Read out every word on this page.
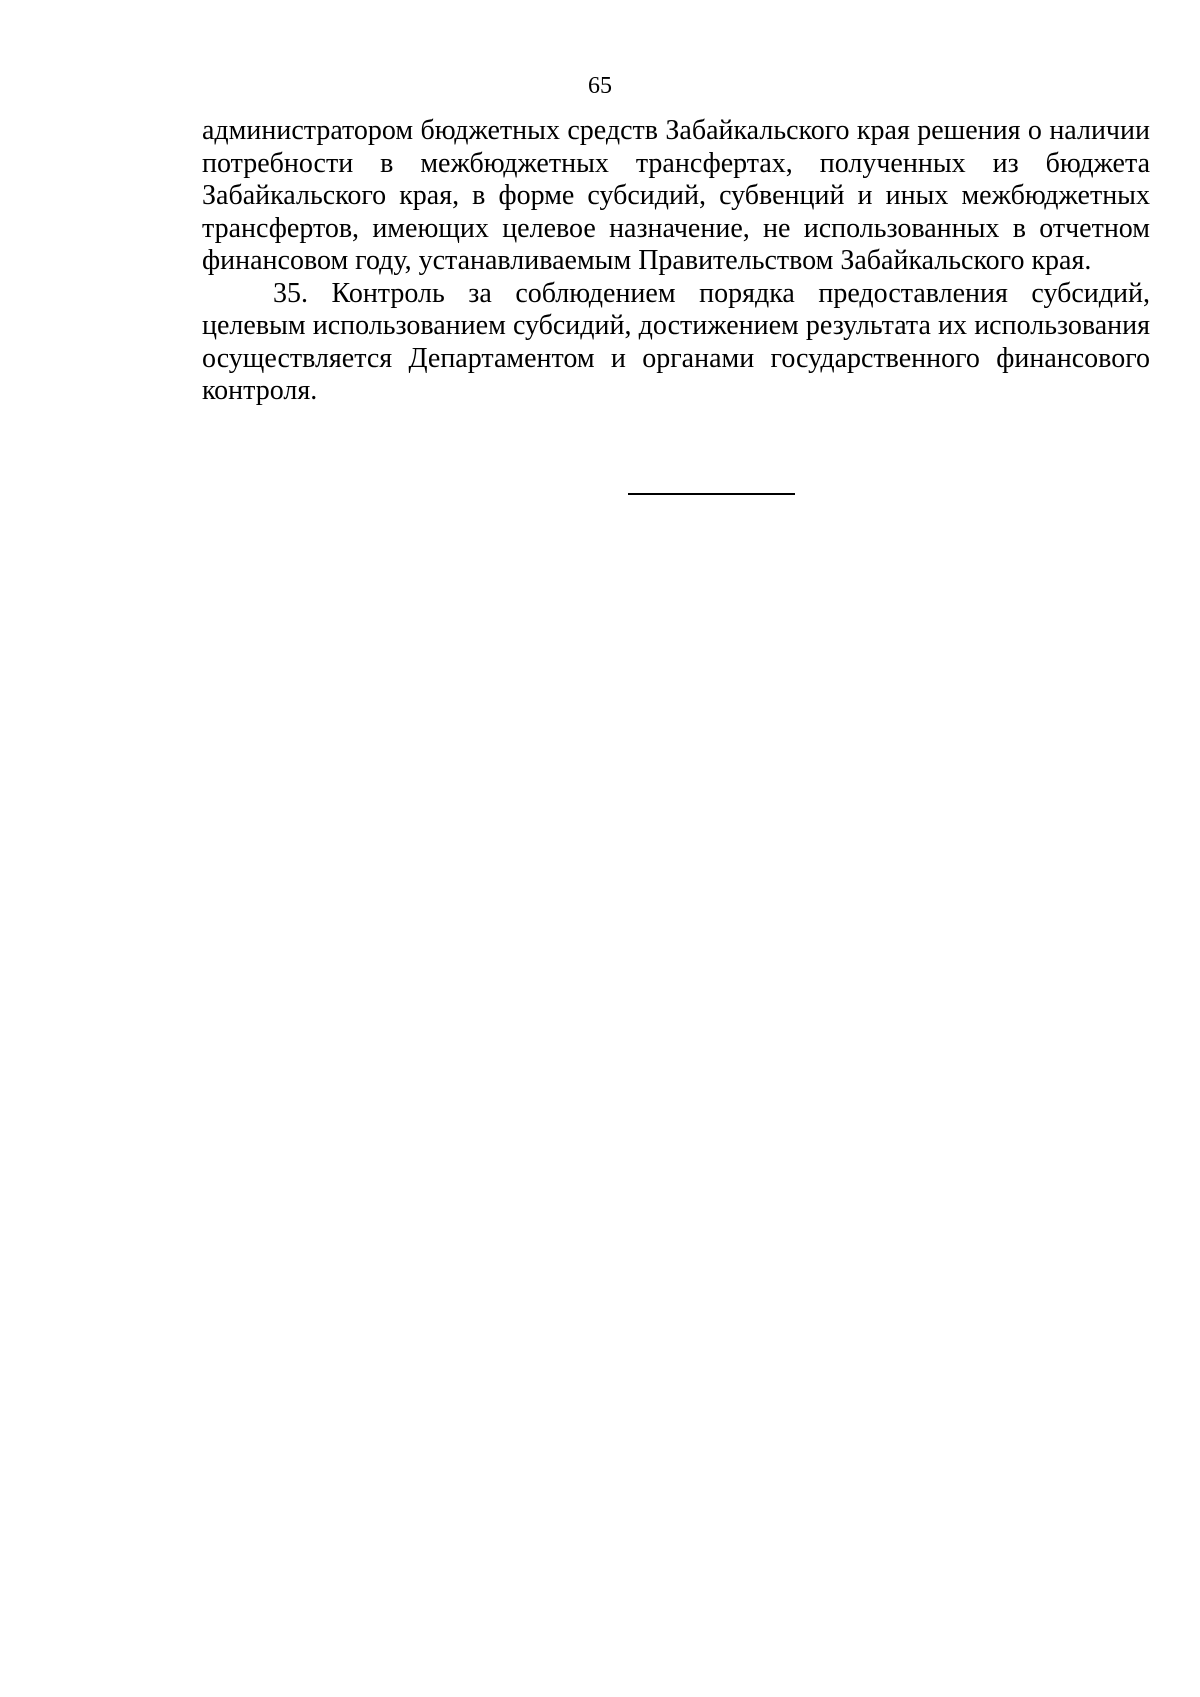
65

администратором бюджетных средств Забайкальского края решения о наличии потребности в межбюджетных трансфертах, полученных из бюджета Забайкальского края, в форме субсидий, субвенций и иных межбюджетных трансфертов, имеющих целевое назначение, не использованных в отчетном финансовом году, устанавливаемым Правительством Забайкальского края.

35. Контроль за соблюдением порядка предоставления субсидий, целевым использованием субсидий, достижением результата их использования осуществляется Департаментом и органами государственного финансового контроля.
